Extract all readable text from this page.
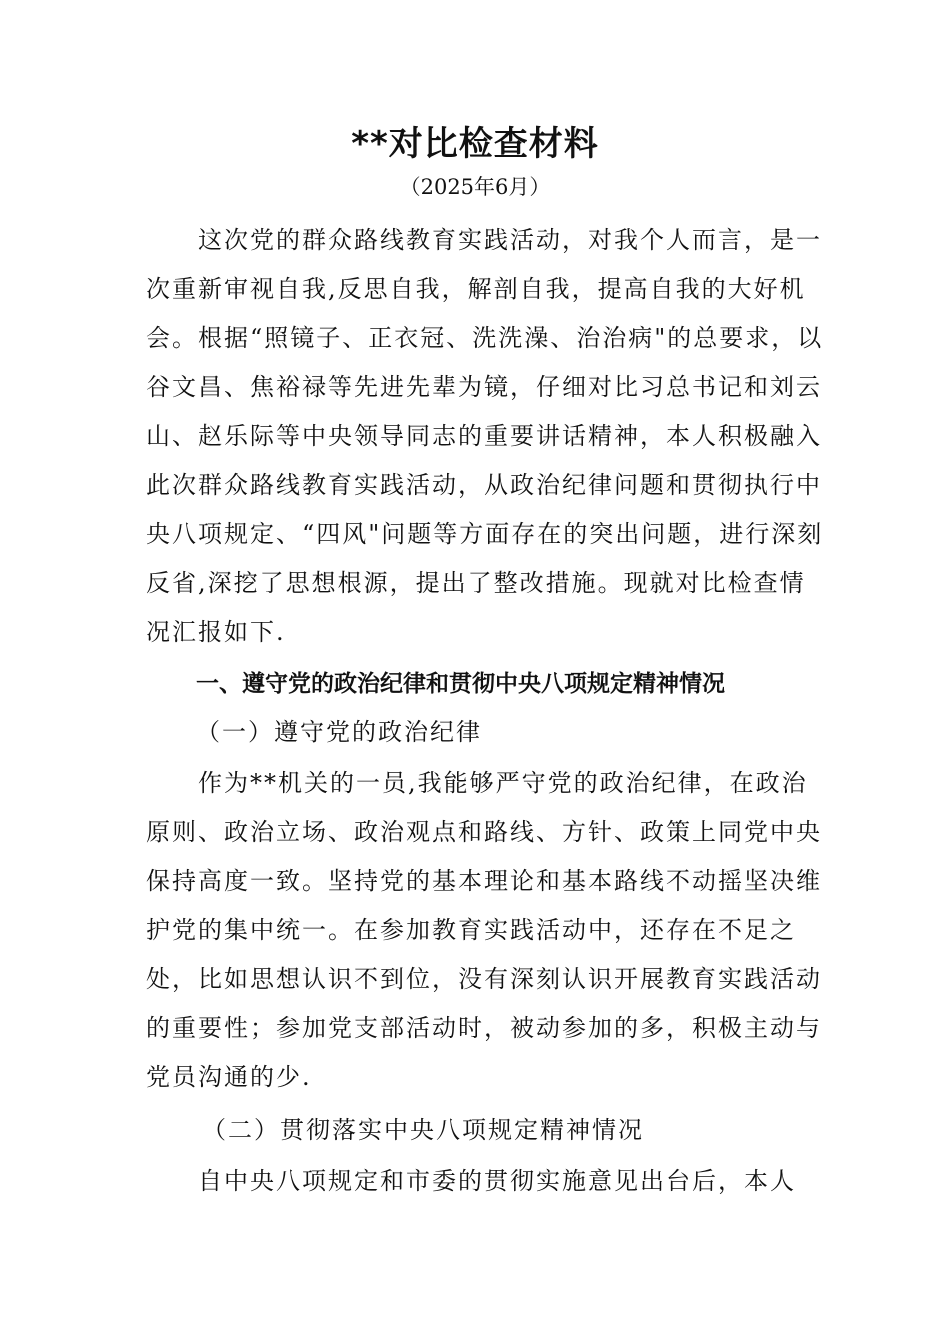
**对比检查材料
（2025年6月）

这次党的群众路线教育实践活动，对我个人而言，是一次重新审视自我,反思自我，解剖自我，提高自我的大好机会。根据“照镜子、正衣冠、洗洗澡、治治病"的总要求，以谷文昌、焦裕禄等先进先辈为镜，仔细对比习总书记和刘云山、赵乐际等中央领导同志的重要讲话精神，本人积极融入此次群众路线教育实践活动，从政治纪律问题和贯彻执行中央八项规定、“四风"问题等方面存在的突出问题，进行深刻反省,深挖了思想根源，提出了整改措施。现就对比检查情况汇报如下.

一、遵守党的政治纪律和贯彻中央八项规定精神情况

（一）遵守党的政治纪律

作为**机关的一员,我能够严守党的政治纪律，在政治原则、政治立场、政治观点和路线、方针、政策上同党中央保持高度一致。坚持党的基本理论和基本路线不动摇坚决维护党的集中统一。在参加教育实践活动中，还存在不足之处，比如思想认识不到位，没有深刻认识开展教育实践活动的重要性；参加党支部活动时，被动参加的多，积极主动与党员沟通的少.

（二）贯彻落实中央八项规定精神情况

自中央八项规定和市委的贯彻实施意见出台后，本人
